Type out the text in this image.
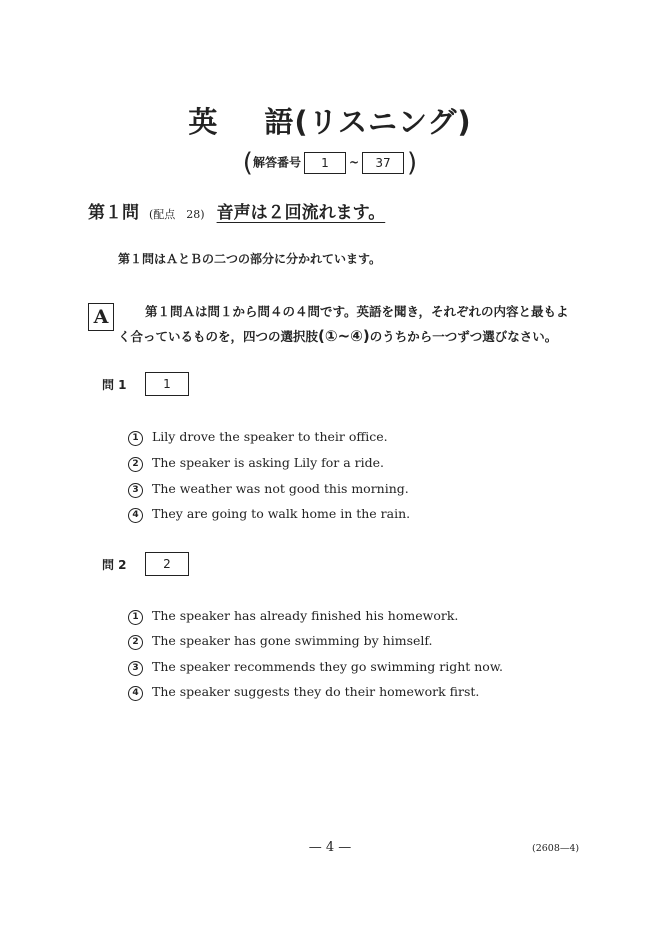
英 語(リスニング)
(解答番号 1 ~ 37 )
第１問 (配点　28) 音声は２回流れます。
第１問はＡとＢの二つの部分に分かれています。
A	第１問Ａは問１から問４の４問です。英語を聞き，それぞれの内容と最もよ
く合っているものを，四つの選択肢(①~④)のうちから一つずつ選びなさい。
問 1	1
1 Lily drove the speaker to their office.
2 The speaker is asking Lily for a ride.
3 The weather was not good this morning.
4 They are going to walk home in the rain.
問 2	2
1 The speaker has already finished his homework.
2 The speaker has gone swimming by himself.
3 The speaker recommends they go swimming right now.
4 The speaker suggests they do their homework first.
— 4 —	(2608—4)
